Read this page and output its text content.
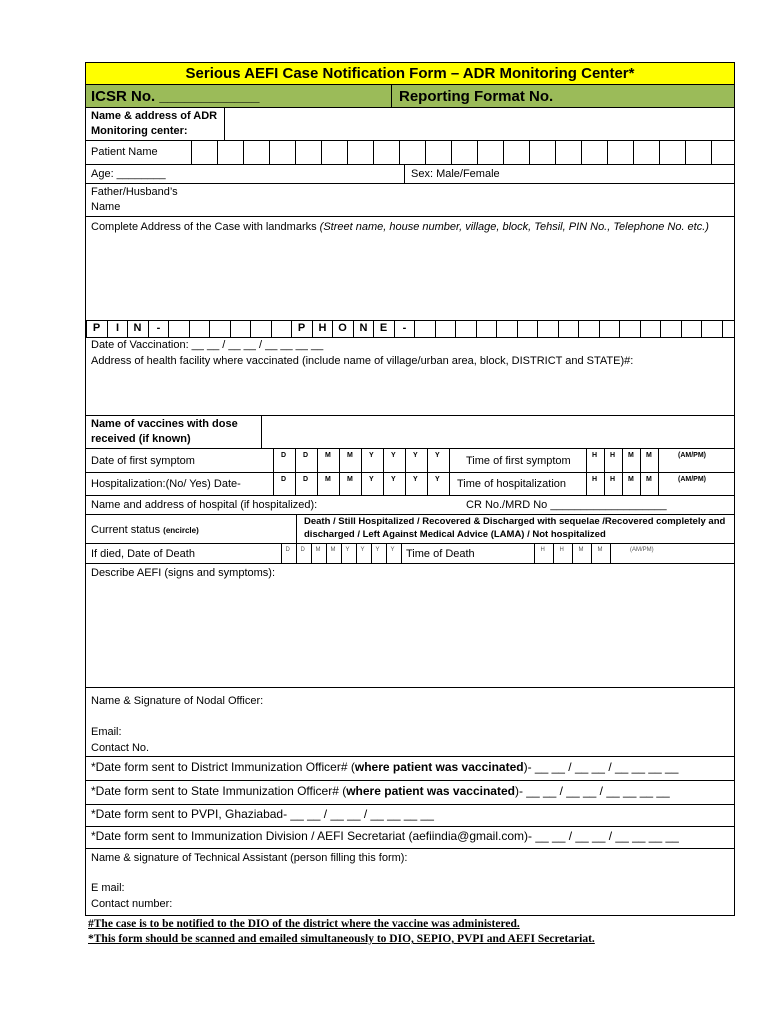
Serious AEFI Case Notification Form – ADR Monitoring Center*
ICSR No. ____________	Reporting Format No.
Name & address of ADR Monitoring center:
Patient Name
Age: ________	Sex: Male/Female
Father/Husband’s Name
Complete Address of the Case with landmarks (Street name, house number, village, block, Tehsil, PIN No., Telephone No. etc.)
P	I	N	-	P	H	O	N	E	-
Date of Vaccination: __ __ / __ __ / __ __ __ __
Address of health facility where vaccinated (include name of village/urban area, block, DISTRICT and STATE)#:
Name of vaccines with dose received (if known)
Date of first symptom	D D M M Y Y Y Y Time of first symptom	H H M M	(AM/PM)
Hospitalization:(No/ Yes) Date-	D D M M Y Y Y Y Time of hospitalization	H H M M	(AM/PM)
Name and address of hospital (if hospitalized):	CR No./MRD No ___________________
Current status (encircle)
Death / Still Hospitalized / Recovered & Discharged with sequelae /Recovered completely and discharged / Left Against Medical Advice (LAMA) / Not hospitalized
If died, Date of Death	D D M M Y Y Y Y Time of Death	H H M M	(AM/PM)
Describe AEFI (signs and symptoms):
Name & Signature of Nodal Officer:
Email:
Contact No.
*Date form sent to District Immunization Officer# (where patient was vaccinated)- __ __ / __ __ / __ __ __ __
*Date form sent to State Immunization Officer# (where patient was vaccinated)- __ __ / __ __ / __ __ __ __
*Date form sent to PVPI, Ghaziabad- __ __ / __ __ / __ __ __ __
*Date form sent to Immunization Division / AEFI Secretariat (aefiindia@gmail.com)- __ __ / __ __ / __ __ __ __
Name & signature of Technical Assistant (person filling this form):
E mail:
Contact number:
#The case is to be notified to the DIO of the district where the vaccine was administered.
*This form should be scanned and emailed simultaneously to DIO, SEPIO, PVPI and AEFI Secretariat.
